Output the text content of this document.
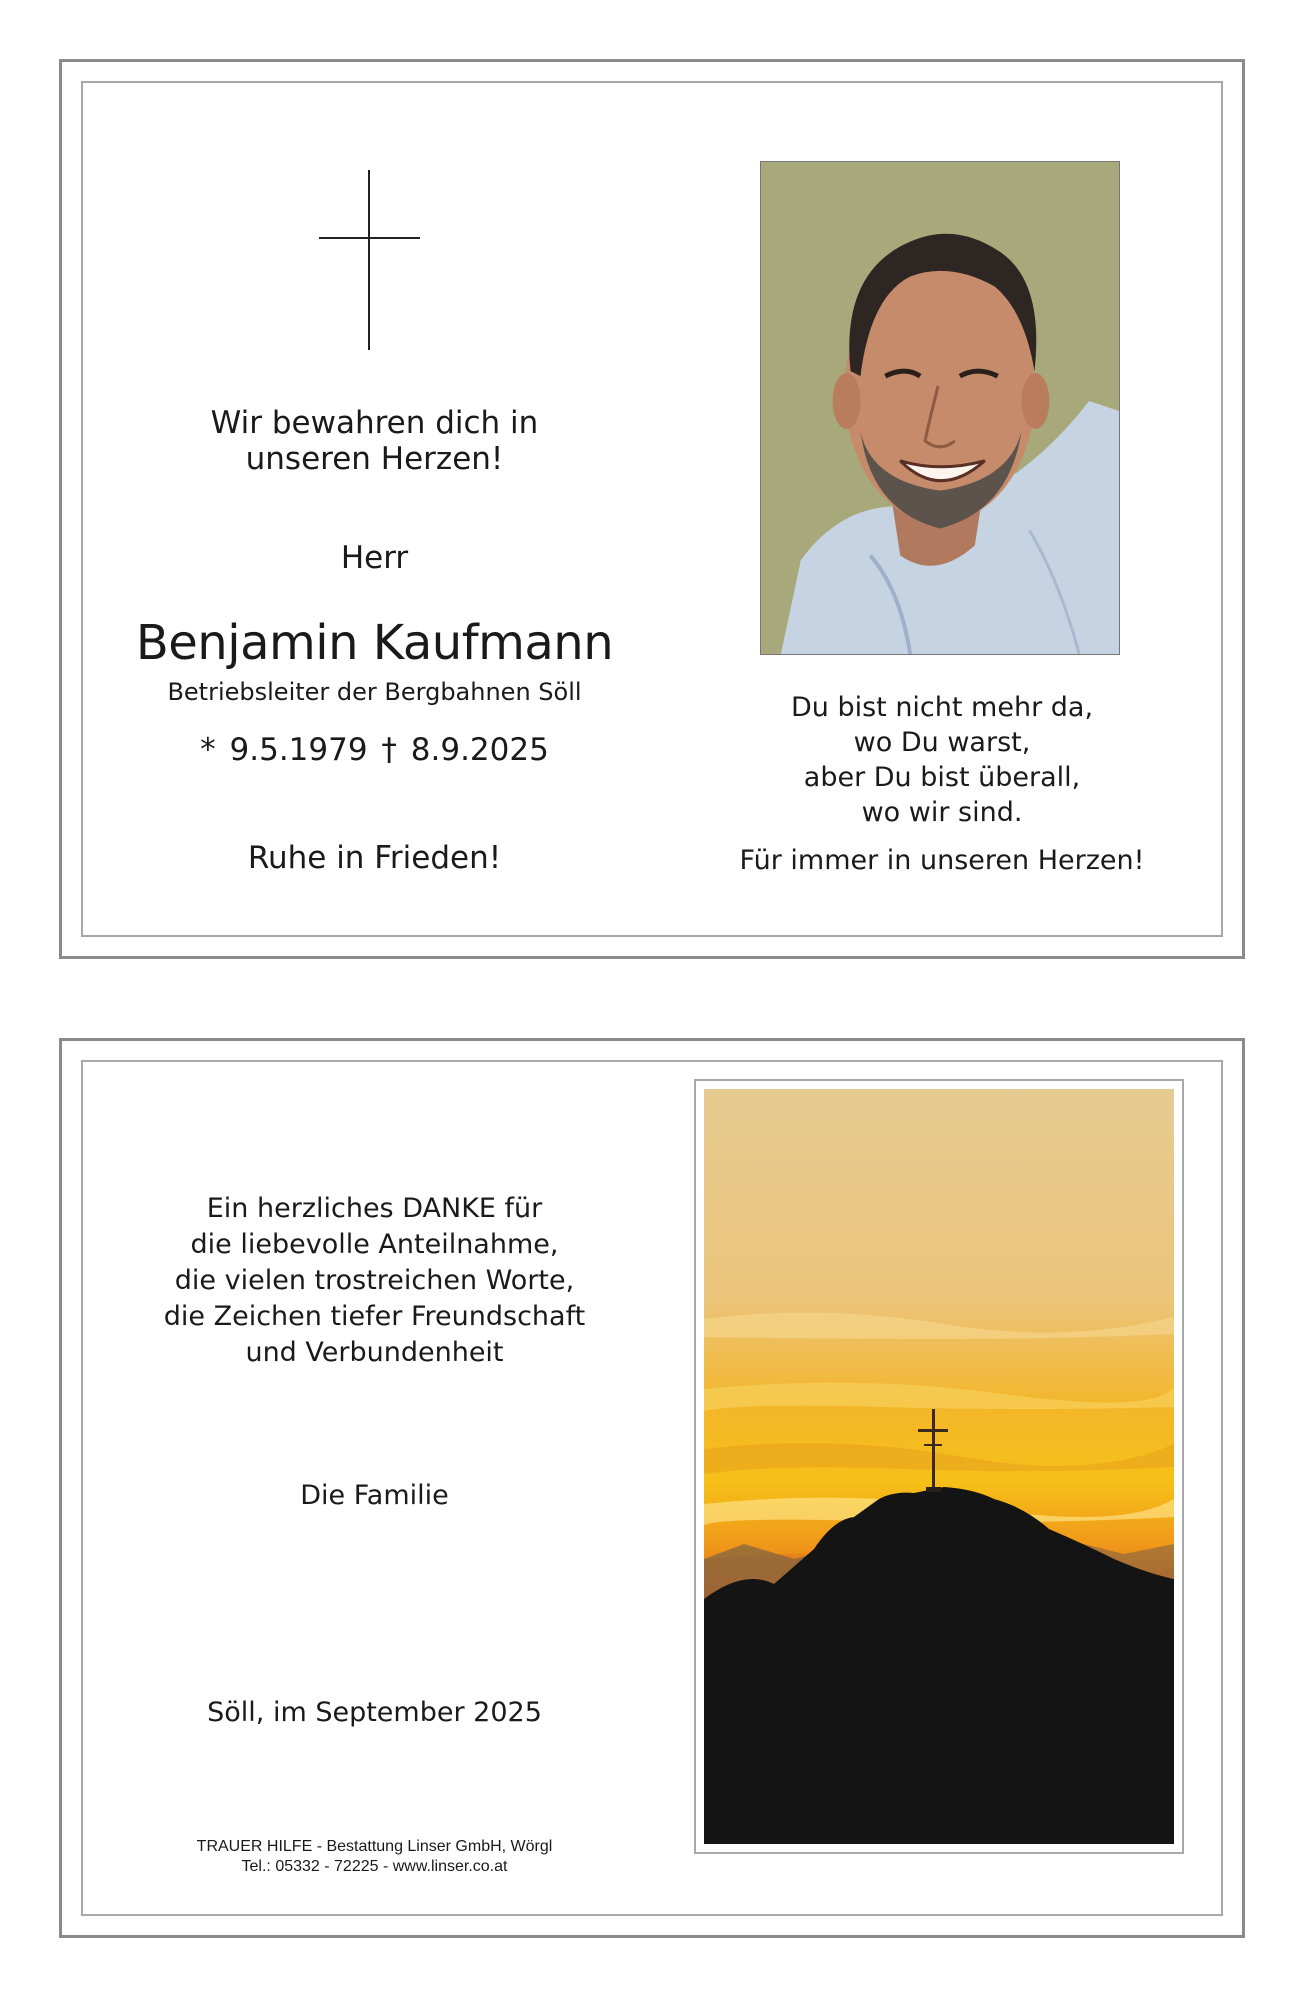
Wir bewahren dich in
unseren Herzen!
Herr
Benjamin Kaufmann
Betriebsleiter der Bergbahnen Söll
* 9.5.1979 † 8.9.2025
Ruhe in Frieden!
Du bist nicht mehr da,
wo Du warst,
aber Du bist überall,
wo wir sind.
Für immer in unseren Herzen!
Ein herzliches DANKE für
die liebevolle Anteilnahme,
die vielen trostreichen Worte,
die Zeichen tiefer Freundschaft
und Verbundenheit
Die Familie
Söll, im September 2025
TRAUER HILFE - Bestattung Linser GmbH, Wörgl
Tel.: 05332 - 72225 - www.linser.co.at
